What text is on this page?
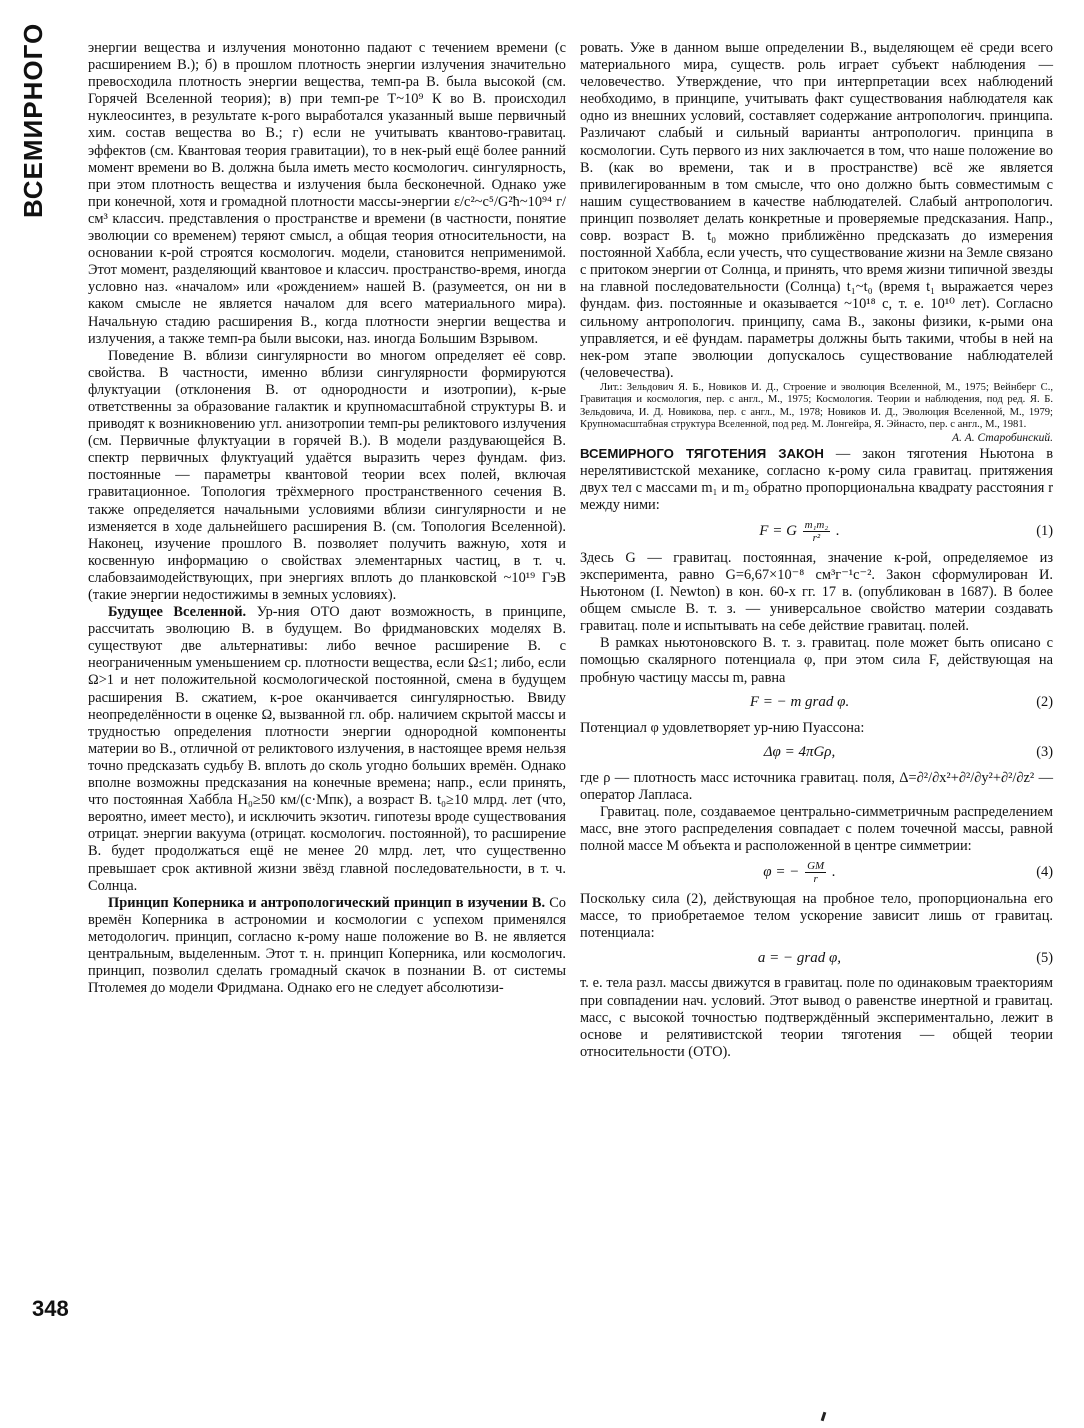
ВСЕМИРНОГО
348

энергии вещества и излучения монотонно падают с течением времени (с расширением В.); б) в прошлом плотность энергии излучения значительно превосходила плотность энергии вещества, темп-ра В. была высокой (см. Горячей Вселенной теория); в) при темп-ре T~10⁹ К во В. происходил нуклеосинтез, в результате к-рого выработался указанный выше первичный хим. состав вещества во В.; г) если не учитывать квантово-гравитац. эффектов (см. Квантовая теория гравитации), то в нек-рый ещё более ранний момент времени во В. должна была иметь место космологич. сингулярность, при этом плотность вещества и излучения была бесконечной. Однако уже при конечной, хотя и громадной плотности массы-энергии ε/c²~c⁵/G²ħ~10⁹⁴ г/см³ классич. представления о пространстве и времени (в частности, понятие эволюции со временем) теряют смысл, а общая теория относительности, на основании к-рой строятся космологич. модели, становится неприменимой. Этот момент, разделяющий квантовое и классич. пространство-время, иногда условно наз. «началом» или «рождением» нашей В. (разумеется, он ни в каком смысле не является началом для всего материального мира). Начальную стадию расширения В., когда плотности энергии вещества и излучения, а также темп-ра были высоки, наз. иногда Большим Взрывом.

Поведение В. вблизи сингулярности во многом определяет её совр. свойства. В частности, именно вблизи сингулярности формируются флуктуации (отклонения В. от однородности и изотропии), к-рые ответственны за образование галактик и крупномасштабной структуры В. и приводят к возникновению угл. анизотропии темп-ры реликтового излучения (см. Первичные флуктуации в горячей В.). В модели раздувающейся В. спектр первичных флуктуаций удаётся выразить через фундам. физ. постоянные — параметры квантовой теории всех полей, включая гравитационное. Топология трёхмерного пространственного сечения В. также определяется начальными условиями вблизи сингулярности и не изменяется в ходе дальнейшего расширения В. (см. Топология Вселенной). Наконец, изучение прошлого В. позволяет получить важную, хотя и косвенную информацию о свойствах элементарных частиц, в т. ч. слабовзаимодействующих, при энергиях вплоть до планковской ~10¹⁹ ГэВ (такие энергии недостижимы в земных условиях).

Будущее Вселенной. Ур-ния ОТО дают возможность, в принципе, рассчитать эволюцию В. в будущем. Во фридмановских моделях В. существуют две альтернативы: либо вечное расширение В. с неограниченным уменьшением ср. плотности вещества, если Ω≤1; либо, если Ω>1 и нет положительной космологической постоянной, смена в будущем расширения В. сжатием, к-рое оканчивается сингулярностью. Ввиду неопределённости в оценке Ω, вызванной гл. обр. наличием скрытой массы и трудностью определения плотности энергии однородной компоненты материи во В., отличной от реликтового излучения, в настоящее время нельзя точно предсказать судьбу В. вплоть до сколь угодно больших времён. Однако вполне возможны предсказания на конечные времена; напр., если принять, что постоянная Хаббла H₀≥50 км/(с·Мпк), а возраст В. t₀≥10 млрд. лет (что, вероятно, имеет место), и исключить экзотич. гипотезы вроде существования отрицат. энергии вакуума (отрицат. космологич. постоянной), то расширение В. будет продолжаться ещё не менее 20 млрд. лет, что существенно превышает срок активной жизни звёзд главной последовательности, в т. ч. Солнца.

Принцип Коперника и антропологический принцип в изучении В. Со времён Коперника в астрономии и космологии с успехом применялся методологич. принцип, согласно к-рому наше положение во В. не является центральным, выделенным. Этот т. н. принцип Коперника, или космологич. принцип, позволил сделать громадный скачок в познании В. от системы Птолемея до модели Фридмана. Однако его не следует абсолютизи-

ровать. Уже в данном выше определении В., выделяющем её среди всего материального мира, существ. роль играет субъект наблюдения — человечество. Утверждение, что при интерпретации всех наблюдений необходимо, в принципе, учитывать факт существования наблюдателя как одно из внешних условий, составляет содержание антропологич. принципа. Различают слабый и сильный варианты антропологич. принципа в космологии. Суть первого из них заключается в том, что наше положение во В. (как во времени, так и в пространстве) всё же является привилегированным в том смысле, что оно должно быть совместимым с нашим существованием в качестве наблюдателей. Слабый антропологич. принцип позволяет делать конкретные и проверяемые предсказания. Напр., совр. возраст В. t₀ можно приближённо предсказать до измерения постоянной Хаббла, если учесть, что существование жизни на Земле связано с притоком энергии от Солнца, и принять, что время жизни типичной звезды на главной последовательности (Солнца) t₁~t₀ (время t₁ выражается через фундам. физ. постоянные и оказывается ~10¹⁸ с, т. е. 10¹⁰ лет). Согласно сильному антропологич. принципу, сама В., законы физики, к-рыми она управляется, и её фундам. параметры должны быть такими, чтобы в ней на нек-ром этапе эволюции допускалось существование наблюдателей (человечества).

Лит.: Зельдович Я. Б., Новиков И. Д., Строение и эволюция Вселенной, М., 1975; Вейнберг С., Гравитация и космология, пер. с англ., М., 1975; Космология. Теории и наблюдения, под ред. Я. Б. Зельдовича, И. Д. Новикова, пер. с англ., М., 1978; Новиков И. Д., Эволюция Вселенной, М., 1979; Крупномасштабная структура Вселенной, под ред. М. Лонгейра, Я. Эйнасто, пер. с англ., М., 1981.

А. А. Старобинский.

ВСЕМИРНОГО ТЯГОТЕНИЯ ЗАКОН — закон тяготения Ньютона в нерелятивистской механике, согласно к-рому сила гравитац. притяжения двух тел с массами m₁ и m₂ обратно пропорциональна квадрату расстояния r между ними:

F = G $\frac{\text{m₁m₂}}{\text{r²}}$ .	(1)

Здесь G — гравитац. постоянная, значение к-рой, определяемое из эксперимента, равно G=6,67×10⁻⁸ см³г⁻¹с⁻². Закон сформулирован И. Ньютоном (I. Newton) в кон. 60-х гг. 17 в. (опубликован в 1687). В более общем смысле В. т. з. — универсальное свойство материи создавать гравитац. поле и испытывать на себе действие гравитац. полей.

В рамках ньютоновского В. т. з. гравитац. поле может быть описано с помощью скалярного потенциала φ, при этом сила F, действующая на пробную частицу массы m, равна

F = − m grad φ.	(2)

Потенциал φ удовлетворяет ур-нию Пуассона:

Δφ = 4πGρ,	(3)

где ρ — плотность масс источника гравитац. поля, Δ=∂²/∂x²+∂²/∂y²+∂²/∂z² — оператор Лапласа.

Гравитац. поле, создаваемое центрально-симметричным распределением масс, вне этого распределения совпадает с полем точечной массы, равной полной массе M объекта и расположенной в центре симметрии:

φ = − $\frac{GM}{r}$ .	(4)

Поскольку сила (2), действующая на пробное тело, пропорциональна его массе, то приобретаемое телом ускорение зависит лишь от гравитац. потенциала:

a = − grad φ,	(5)

т. е. тела разл. массы движутся в гравитац. поле по одинаковым траекториям при совпадении нач. условий. Этот вывод о равенстве инертной и гравитац. масс, с высокой точностью подтверждённый экспериментально, лежит в основе и релятивистской теории тяготения — общей теории относительности (ОТО).
